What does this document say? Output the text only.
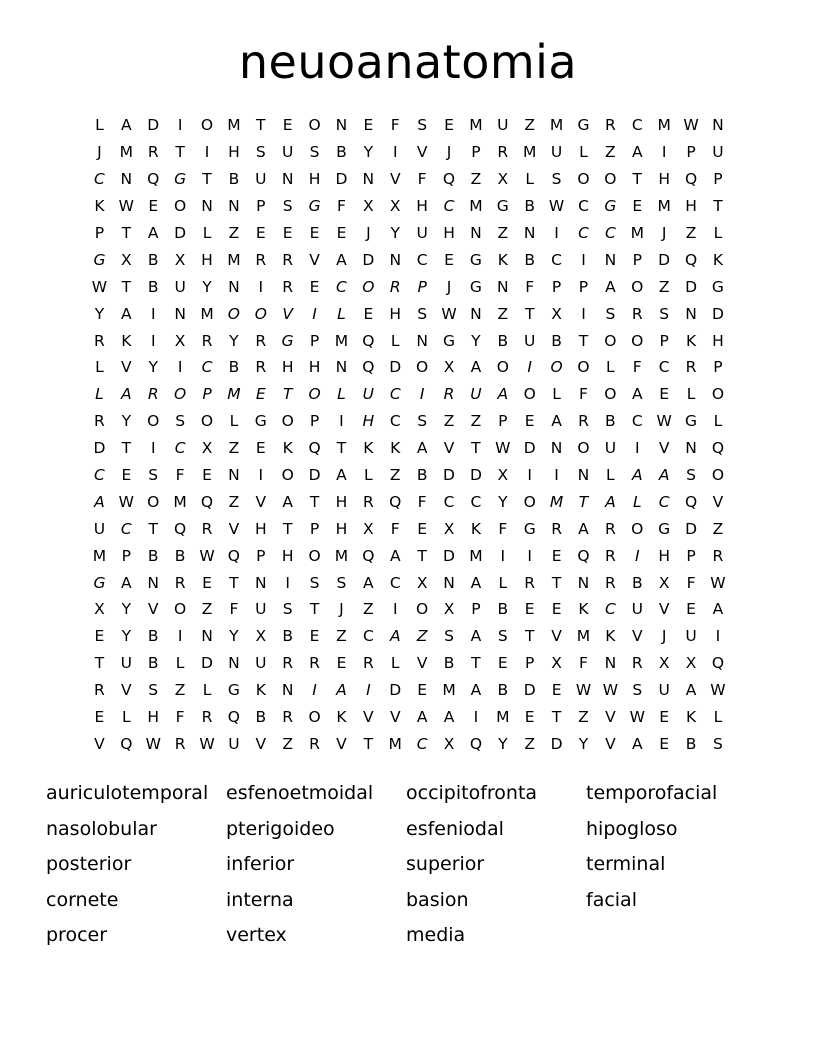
neuoanatomia
L	A	D	I	O M T	E	O N	E	F	S	E M U	Z M G R	C M W N
J	M R	T	I	H	S	U	S	B	Y	I	V	J	P	R M U	L	Z	A	I	P	U
C	N Q G	T	B	U N H D N	V	F	Q Z	X	L	S	O O	T	H Q	P
K W E	O N N	P	S	G	F	X	X	H	C M G	B W C G	E M H	T
P	T	A	D	L	Z	E	E	E	E	J	Y	U H N	Z	N	I	C	C M	J	Z	L
G	X	B	X	H M R	R	V	A	D N	C	E	G	K	B	C	I	N	P	D Q	K
W T	B	U	Y	N	I	R	E	C O R	P	J	G N	F	P	P	A O Z	D G
Y	A	I	N M O O V	I	L	E	H	S W N	Z	T	X	I	S	R	S	N D
R	K	I	X	R	Y	R	G	P	M Q	L	N G	Y	B	U	B	T	O O	P	K	H
L	V	Y	I	C	B	R	H H N Q D O X	A O	I	O O	L	F	C	R	P
L	A	R O	P	M E	T	O	L	U	C	I	R	U	A O	L	F	O A	E	L	O
R	Y	O	S	O	L	G O	P	I	H	C	S	Z	Z	P	E	A	R	B	C W G	L
D	T	I	C	X	Z	E	K	Q	T	K	K	A	V	T W D N O U	I	V	N Q
C	E	S	F	E	N	I	O D	A	L	Z	B	D D	X	I	I	N	L	A	A	S	O
A W O M Q Z	V	A	T	H	R Q	F	C	C	Y	O M T	A	L	C Q V
U	C	T	Q R	V	H	T	P	H	X	F	E	X	K	F	G R	A	R O G D	Z
M	P	B	B W Q	P	H O M Q A	T	D M	I	I	E	Q R	I	H	P	R
G	A	N	R	E	T	N	I	S	S	A	C	X	N	A	L	R	T	N	R	B	X	F W
X	Y	V O Z	F	U	S	T	J	Z	I	O X	P	B	E	E	K	C	U	V	E	A
E	Y	B	I	N	Y	X	B	E	Z	C	A	Z	S	A	S	T	V M K	V	J	U	I
T	U	B	L	D N U	R	R	E	R	L	V	B	T	E	P	X	F	N	R	X	X Q
R	V	S	Z	L	G	K	N	I	A	I	D	E M A	B	D	E W W S	U	A W
E	L	H	F	R Q B	R O	K	V	V	A	A	I	M E	T	Z	V W E	K	L
V Q W R W U	V	Z	R	V	T M C	X Q	Y	Z	D	Y	V	A	E	B	S
auriculotemporal esfenoetmoidal	occipitofronta	temporofacial
nasolobular	pterigoideo	esfeniodal	hipogloso
posterior	inferior	superior	terminal
cornete	interna	basion	facial
procer	vertex	media
